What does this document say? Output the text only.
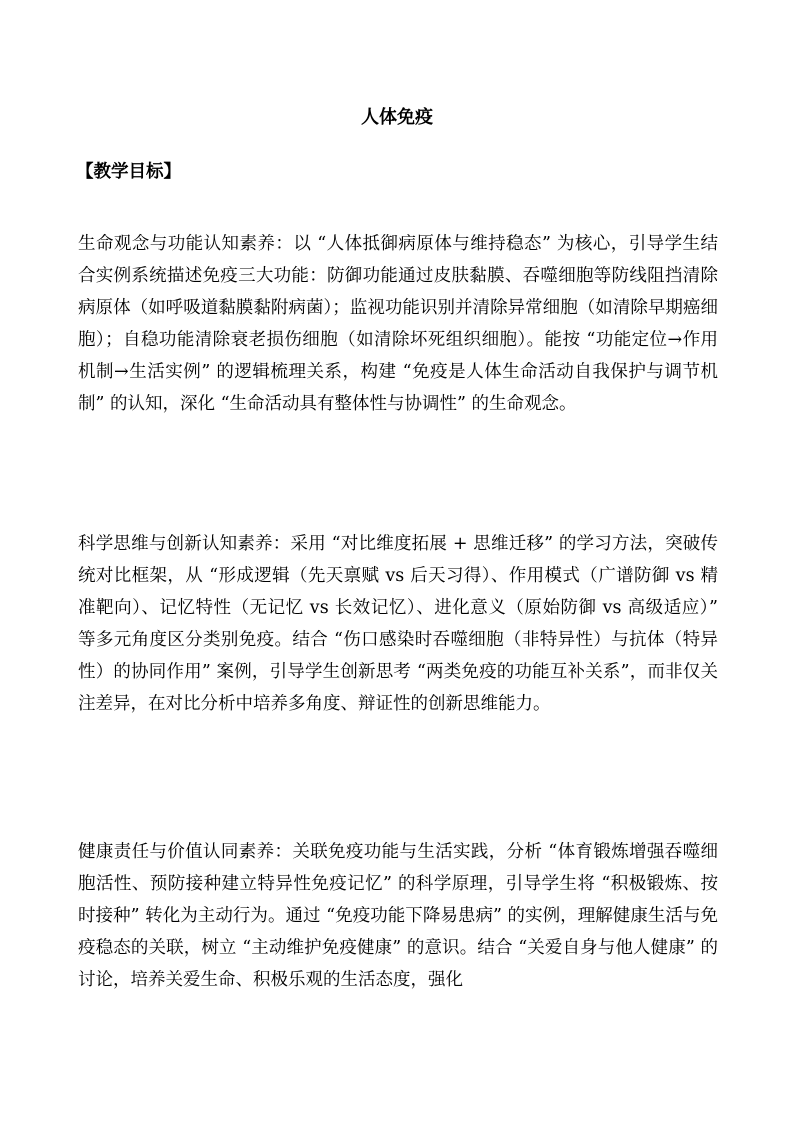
人体免疫
【教学目标】

生命观念与功能认知素养：以 “人体抵御病原体与维持稳态” 为核心，引导学生结合实例系统描述免疫三大功能：防御功能通过皮肤黏膜、吞噬细胞等防线阻挡清除病原体（如呼吸道黏膜黏附病菌）；监视功能识别并清除异常细胞（如清除早期癌细胞）；自稳功能清除衰老损伤细胞（如清除坏死组织细胞）。能按 “功能定位→作用机制→生活实例” 的逻辑梳理关系，构建 “免疫是人体生命活动自我保护与调节机制” 的认知，深化 “生命活动具有整体性与协调性” 的生命观念。

科学思维与创新认知素养：采用 “对比维度拓展 + 思维迁移” 的学习方法，突破传统对比框架，从 “形成逻辑（先天禀赋 vs 后天习得）、作用模式（广谱防御 vs 精准靶向）、记忆特性（无记忆 vs 长效记忆）、进化意义（原始防御 vs 高级适应）” 等多元角度区分类别免疫。结合 “伤口感染时吞噬细胞（非特异性）与抗体（特异性）的协同作用” 案例，引导学生创新思考 “两类免疫的功能互补关系”，而非仅关注差异，在对比分析中培养多角度、辩证性的创新思维能力。

健康责任与价值认同素养：关联免疫功能与生活实践，分析 “体育锻炼增强吞噬细胞活性、预防接种建立特异性免疫记忆” 的科学原理，引导学生将 “积极锻炼、按时接种” 转化为主动行为。通过 “免疫功能下降易患病” 的实例，理解健康生活与免疫稳态的关联，树立 “主动维护免疫健康” 的意识。结合 “关爱自身与他人健康” 的讨论，培养关爱生命、积极乐观的生活态度，强化
